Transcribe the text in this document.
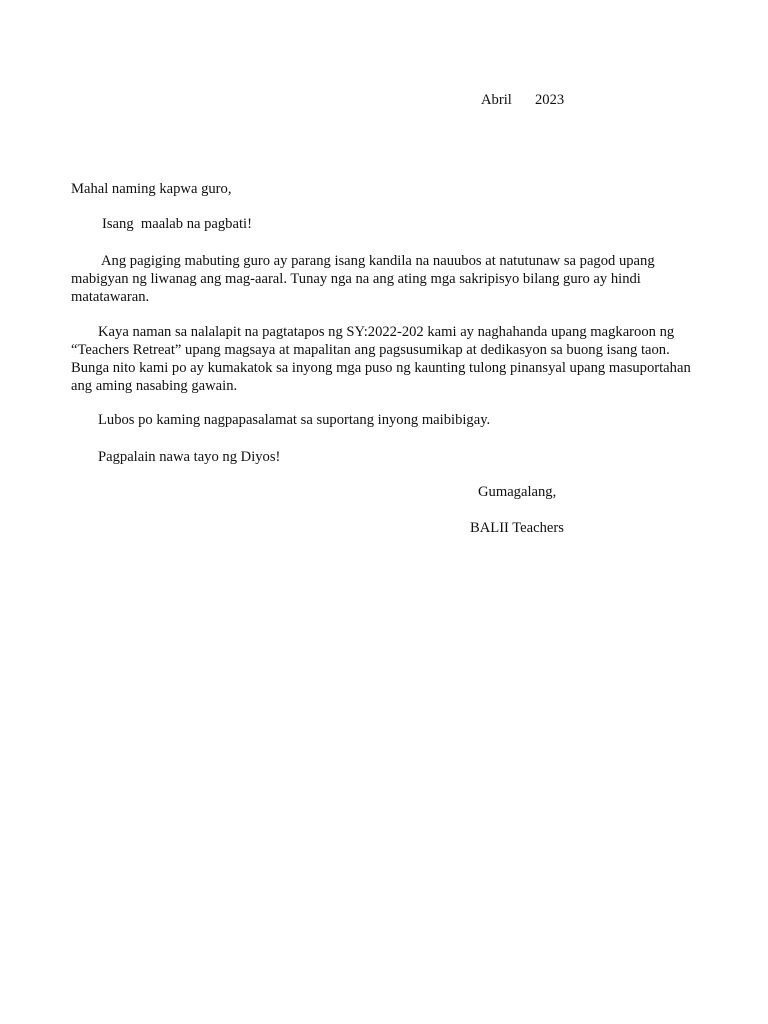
Abril 2023
Mahal naming kapwa guro,
Isang  maalab na pagbati!

Ang pagiging mabuting guro ay parang isang kandila na nauubos at natutunaw sa pagod upang mabigyan ng liwanag ang mag-aaral. Tunay nga na ang ating mga sakripisyo bilang guro ay hindi matatawaran.

Kaya naman sa nalalapit na pagtatapos ng SY:2022-202 kami ay naghahanda upang magkaroon ng “Teachers Retreat” upang magsaya at mapalitan ang pagsusumikap at dedikasyon sa buong isang taon. Bunga nito kami po ay kumakatok sa inyong mga puso ng kaunting tulong pinansyal upang masuportahan ang aming nasabing gawain.

Lubos po kaming nagpapasalamat sa suportang inyong maibibigay.
Pagpalain nawa tayo ng Diyos!
Gumagalang,
BALII Teachers
